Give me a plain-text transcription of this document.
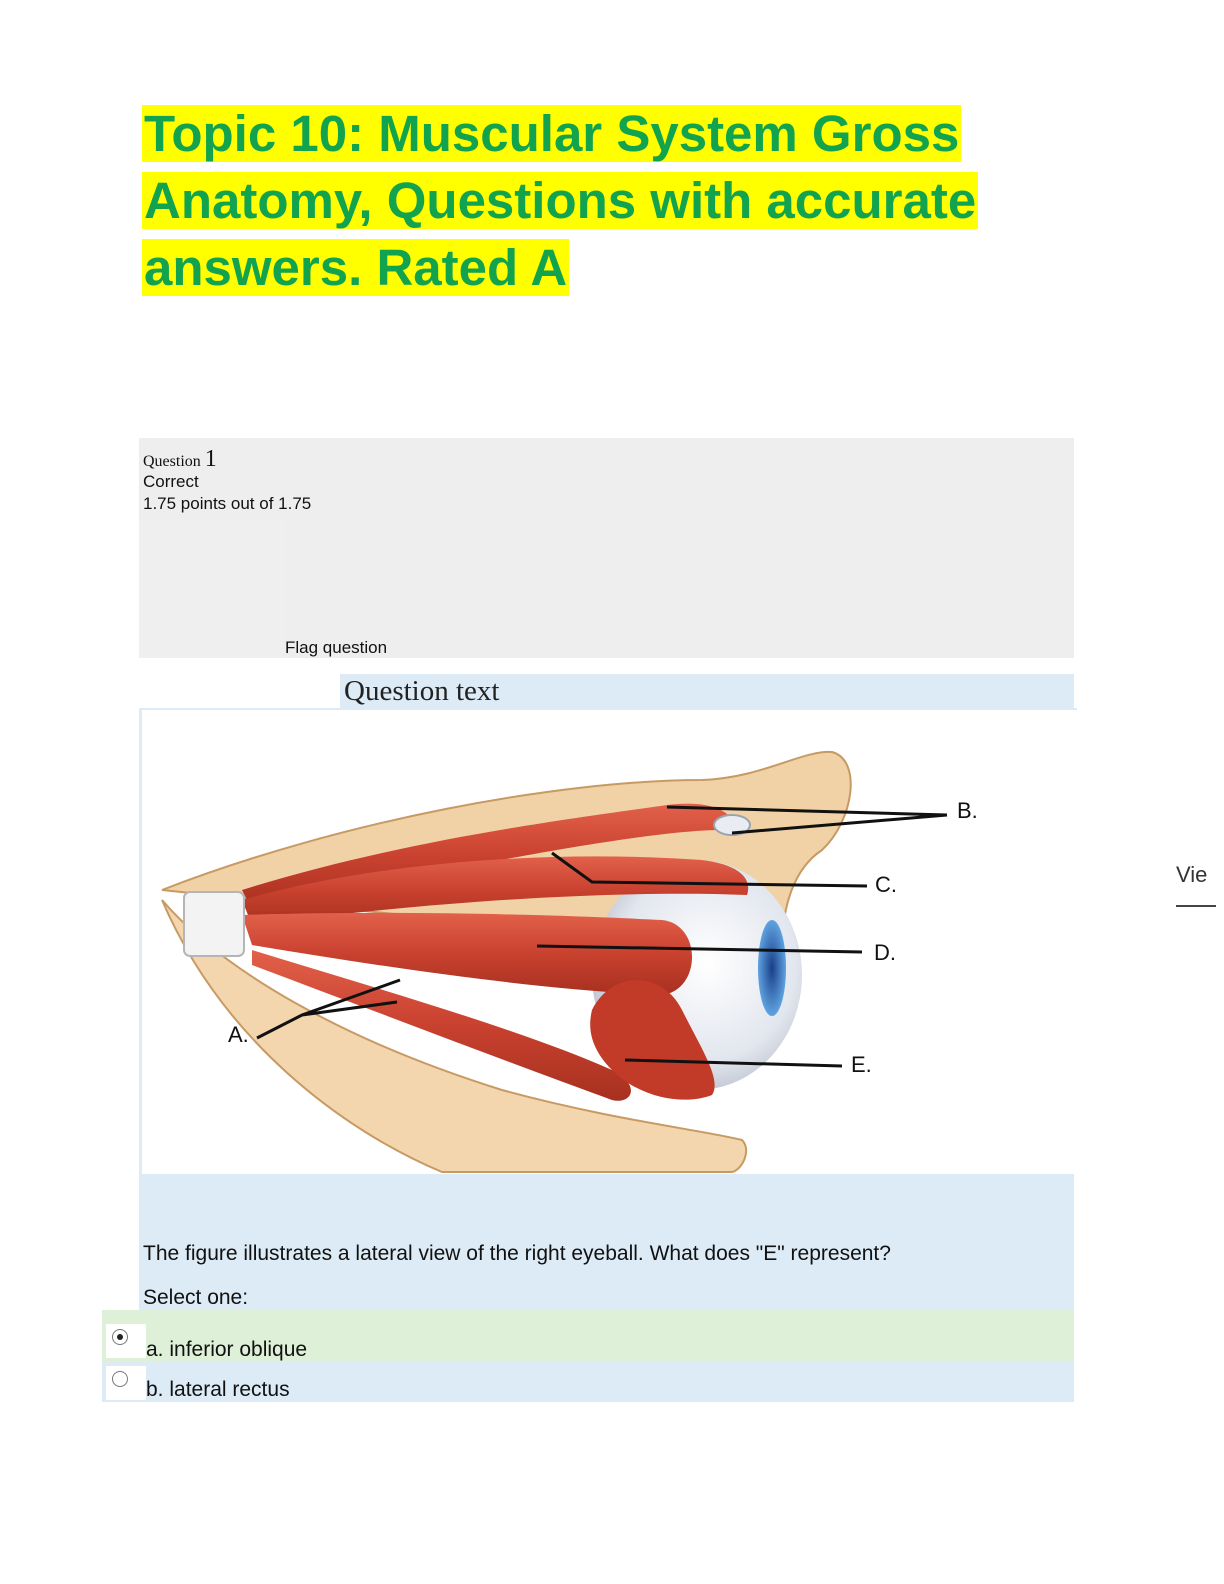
Topic 10: Muscular System Gross Anatomy, Questions with accurate answers. Rated A
Question 1
Correct
1.75 points out of 1.75
Flag question
Question text
B.
C.
D.
A.
E.
The figure illustrates a lateral view of the right eyeball. What does "E" represent?
Select one:
a. inferior oblique
b. lateral rectus
Vie
